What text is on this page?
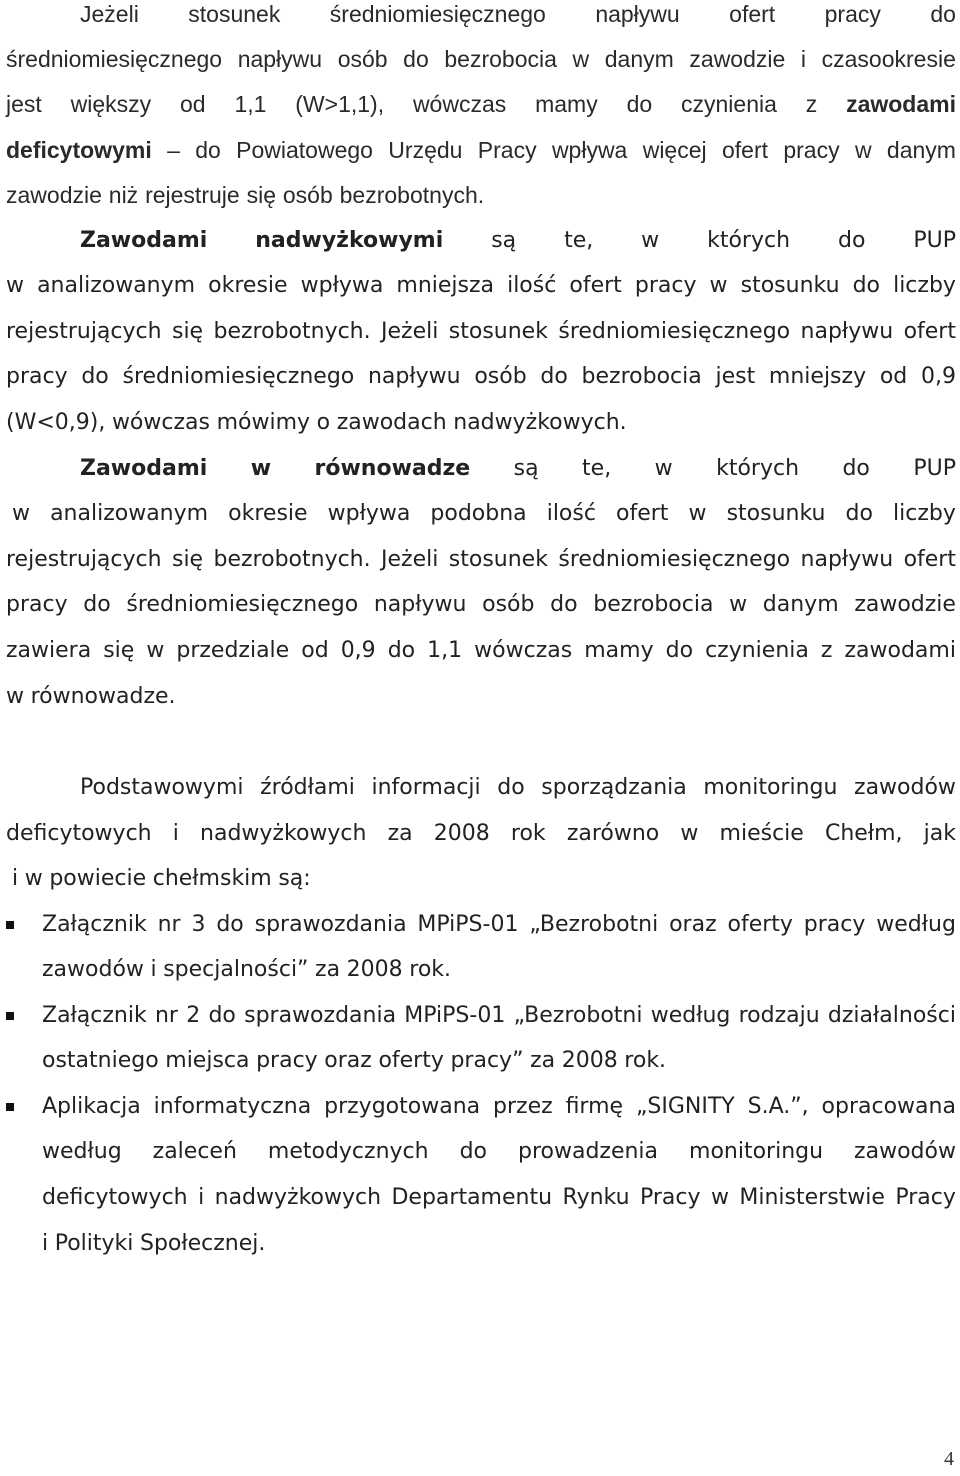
4
Jeżeli stosunek średniomiesięcznego napływu ofert pracy do
średniomiesięcznego napływu osób do bezrobocia w danym zawodzie i czasookresie
jest większy od 1,1 (W>1,1), wówczas mamy do czynienia z zawodami
deficytowymi – do Powiatowego Urzędu Pracy wpływa więcej ofert pracy w danym
zawodzie niż rejestruje się osób bezrobotnych.
Zawodami nadwyżkowymi są te, w których do PUP
w analizowanym okresie wpływa mniejsza ilość ofert pracy w stosunku do liczby
rejestrujących się bezrobotnych. Jeżeli stosunek średniomiesięcznego napływu ofert
pracy do średniomiesięcznego napływu osób do bezrobocia jest mniejszy od 0,9
(W<0,9), wówczas mówimy o zawodach nadwyżkowych.
Zawodami w równowadze są te, w których do PUP
w analizowanym okresie wpływa podobna ilość ofert w stosunku do liczby
rejestrujących się bezrobotnych. Jeżeli stosunek średniomiesięcznego napływu ofert
pracy do średniomiesięcznego napływu osób do bezrobocia w danym zawodzie
zawiera się w przedziale od 0,9 do 1,1 wówczas mamy do czynienia z zawodami
w równowadze.
Podstawowymi źródłami informacji do sporządzania monitoringu zawodów
deficytowych i nadwyżkowych za 2008 rok zarówno w mieście Chełm, jak
i w powiecie chełmskim są:
Załącznik nr 3 do sprawozdania MPiPS-01 „Bezrobotni oraz oferty pracy według
zawodów i specjalności” za 2008 rok.
Załącznik nr 2 do sprawozdania MPiPS-01 „Bezrobotni według rodzaju działalności
ostatniego miejsca pracy oraz oferty pracy” za 2008 rok.
Aplikacja informatyczna przygotowana przez firmę „SIGNITY S.A.”, opracowana
według zaleceń metodycznych do prowadzenia monitoringu zawodów
deficytowych i nadwyżkowych Departamentu Rynku Pracy w Ministerstwie Pracy
i Polityki Społecznej.
